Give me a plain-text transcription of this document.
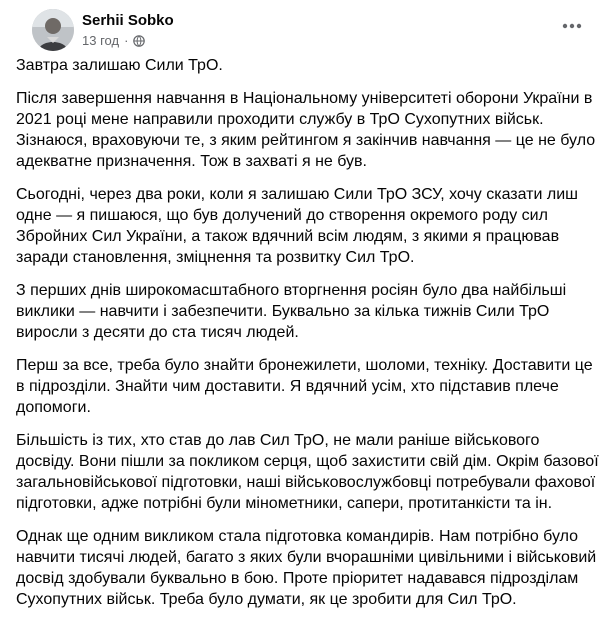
Serhii Sobko
13 год ·

Завтра залишаю Сили ТрО.

Після завершення навчання в Національному університеті оборони України в 2021 році мене направили проходити службу в ТрО Сухопутних військ. Зізнаюся, враховуючи те, з яким рейтингом я закінчив навчання — це не було адекватне призначення. Тож в захваті я не був.

Сьогодні, через два роки, коли я залишаю Сили ТрО ЗСУ, хочу сказати лиш одне — я пишаюся, що був долучений до створення окремого роду сил Збройних Сил України, а також вдячний всім людям, з якими я працював заради становлення, зміцнення та розвитку Сил ТрО.

З перших днів широкомасштабного вторгнення росіян було два найбільші виклики — навчити і забезпечити. Буквально за кілька тижнів Сили ТрО виросли з десяти до ста тисяч людей.

Перш за все, треба було знайти бронежилети, шоломи, техніку. Доставити це в підрозділи. Знайти чим доставити. Я вдячний усім, хто підставив плече допомоги.

Більшість із тих, хто став до лав Сил ТрО, не мали раніше військового досвіду. Вони пішли за покликом серця, щоб захистити свій дім. Окрім базової загальновійськової підготовки, наші військовослужбовці потребували фахової підготовки, адже потрібні були мінометники, сапери, протитанкісти та ін.

Однак ще одним викликом стала підготовка командирів. Нам потрібно було навчити тисячі людей, багато з яких були вчорашніми цивільними і військовий досвід здобували буквально в бою. Проте пріоритет надавався підрозділам Сухопутних військ. Треба було думати, як це зробити для Сил ТрО.
